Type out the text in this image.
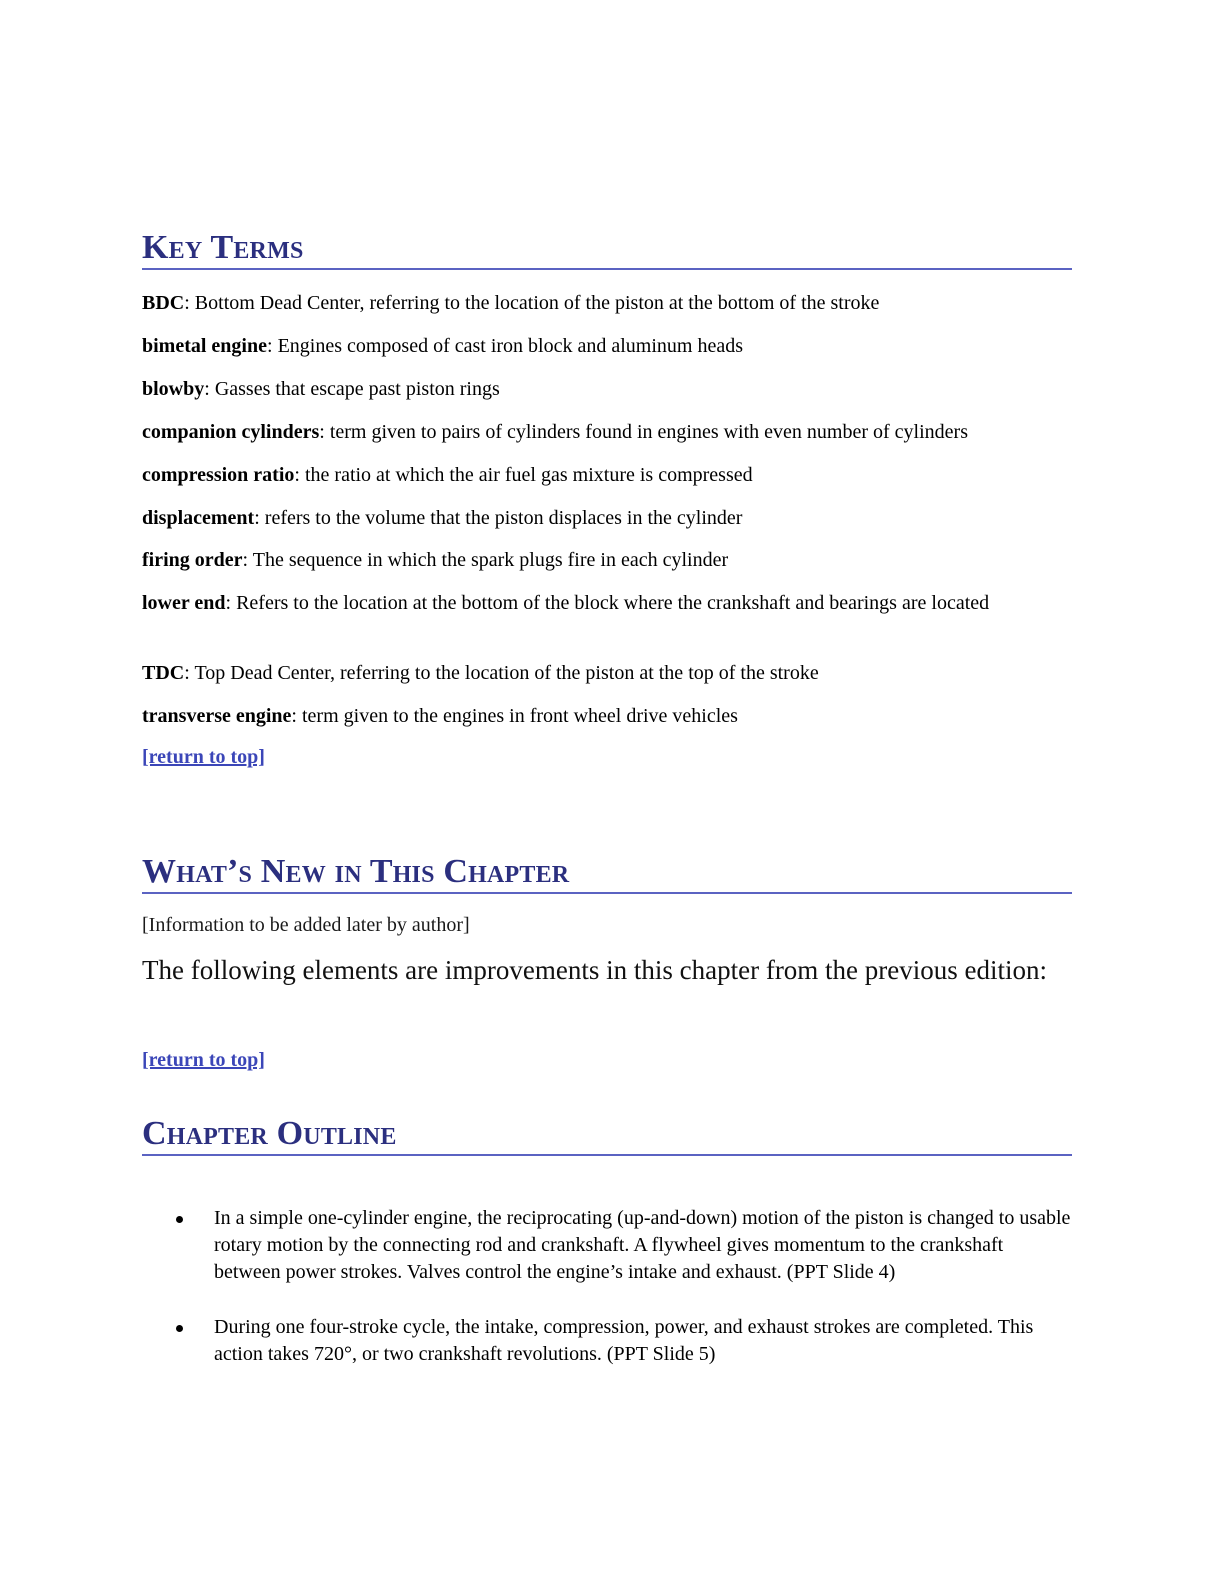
Key Terms
BDC: Bottom Dead Center, referring to the location of the piston at the bottom of the stroke
bimetal engine: Engines composed of cast iron block and aluminum heads
blowby: Gasses that escape past piston rings
companion cylinders: term given to pairs of cylinders found in engines with even number of cylinders
compression ratio: the ratio at which the air fuel gas mixture is compressed
displacement: refers to the volume that the piston displaces in the cylinder
firing order: The sequence in which the spark plugs fire in each cylinder
lower end: Refers to the location at the bottom of the block where the crankshaft and bearings are located
TDC: Top Dead Center, referring to the location of the piston at the top of the stroke
transverse engine: term given to the engines in front wheel drive vehicles
[return to top]
What’s New in This Chapter
[Information to be added later by author]
The following elements are improvements in this chapter from the previous edition:
[return to top]
Chapter Outline
In a simple one-cylinder engine, the reciprocating (up-and-down) motion of the piston is changed to usable rotary motion by the connecting rod and crankshaft. A flywheel gives momentum to the crankshaft between power strokes. Valves control the engine’s intake and exhaust. (PPT Slide 4)
During one four-stroke cycle, the intake, compression, power, and exhaust strokes are completed. This action takes 720°, or two crankshaft revolutions. (PPT Slide 5)
